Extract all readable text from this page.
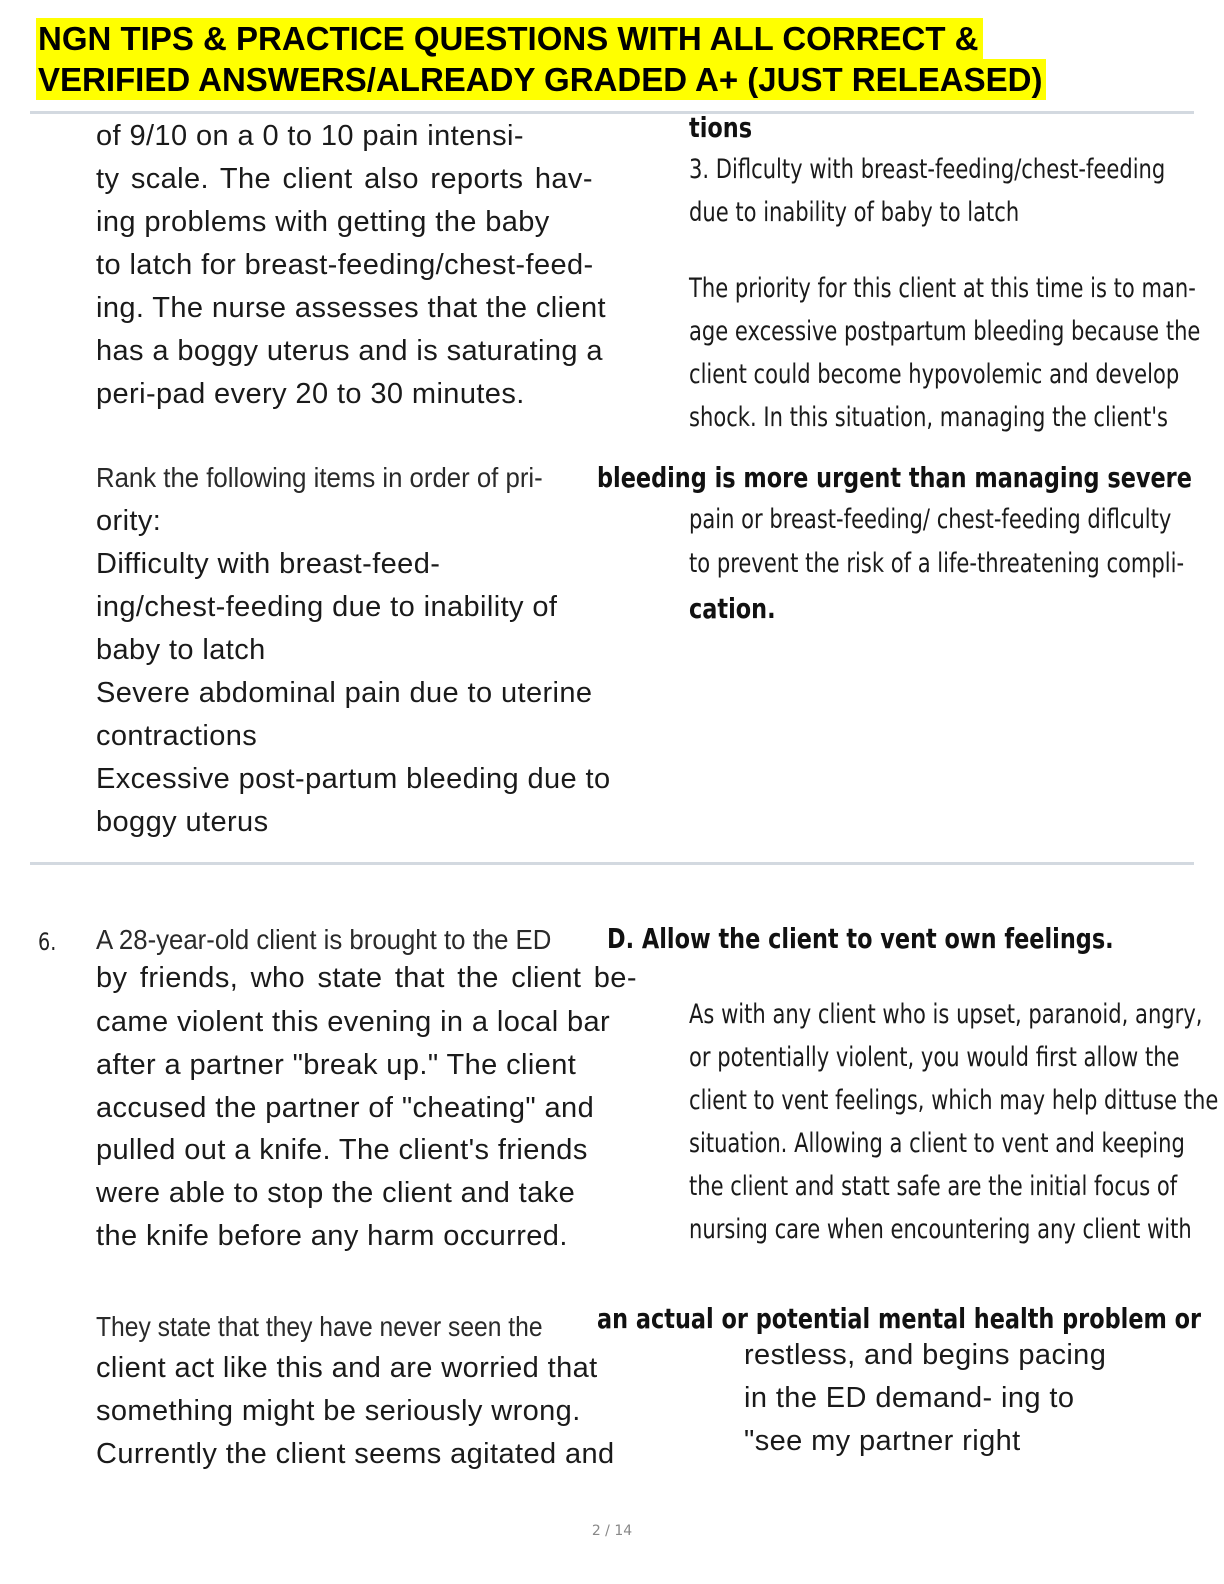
NGN TIPS & PRACTICE QUESTIONS WITH ALL CORRECT &
VERIFIED ANSWERS/ALREADY GRADED A+ (JUST RELEASED)
of 9/10 on a 0 to 10 pain intensi-
ty scale. The client also reports hav-
ing problems with getting the baby
to latch for breast-feeding/chest-feed-
ing. The nurse assesses that the client
has a boggy uterus and is saturating a
peri-pad every 20 to 30 minutes.
Rank the following items in order of pri-
ority:
Difficulty with breast-feed-
ing/chest-feeding due to inability of
baby to latch
Severe abdominal pain due to uterine
contractions
Excessive post-partum bleeding due to
boggy uterus
tions
3. Diflculty with breast-feeding/chest-feeding
due to inability of baby to latch
The priority for this client at this time is to man-
age excessive postpartum bleeding because the
client could become hypovolemic and develop
shock. In this situation, managing the client's
bleeding is more urgent than managing severe
pain or breast-feeding/ chest-feeding diflculty
to prevent the risk of a life-threatening compli-
cation.
6. A 28-year-old client is brought to the ED D. Allow the client to vent own feelings.
by friends, who state that the client be-
came violent this evening in a local bar
after a partner "break up." The client
accused the partner of "cheating" and
pulled out a knife. The client's friends
were able to stop the client and take
the knife before any harm occurred.
As with any client who is upset, paranoid, angry,
or potentially violent, you would first allow the
client to vent feelings, which may help dittuse the
situation. Allowing a client to vent and keeping
the client and statt safe are the initial focus of
nursing care when encountering any client with
They state that they have never seen the an actual or potential mental health problem or
client act like this and are worried that
something might be seriously wrong.
Currently the client seems agitated and
restless, and begins pacing
in the ED demand- ing to
"see my partner right
2 / 14
